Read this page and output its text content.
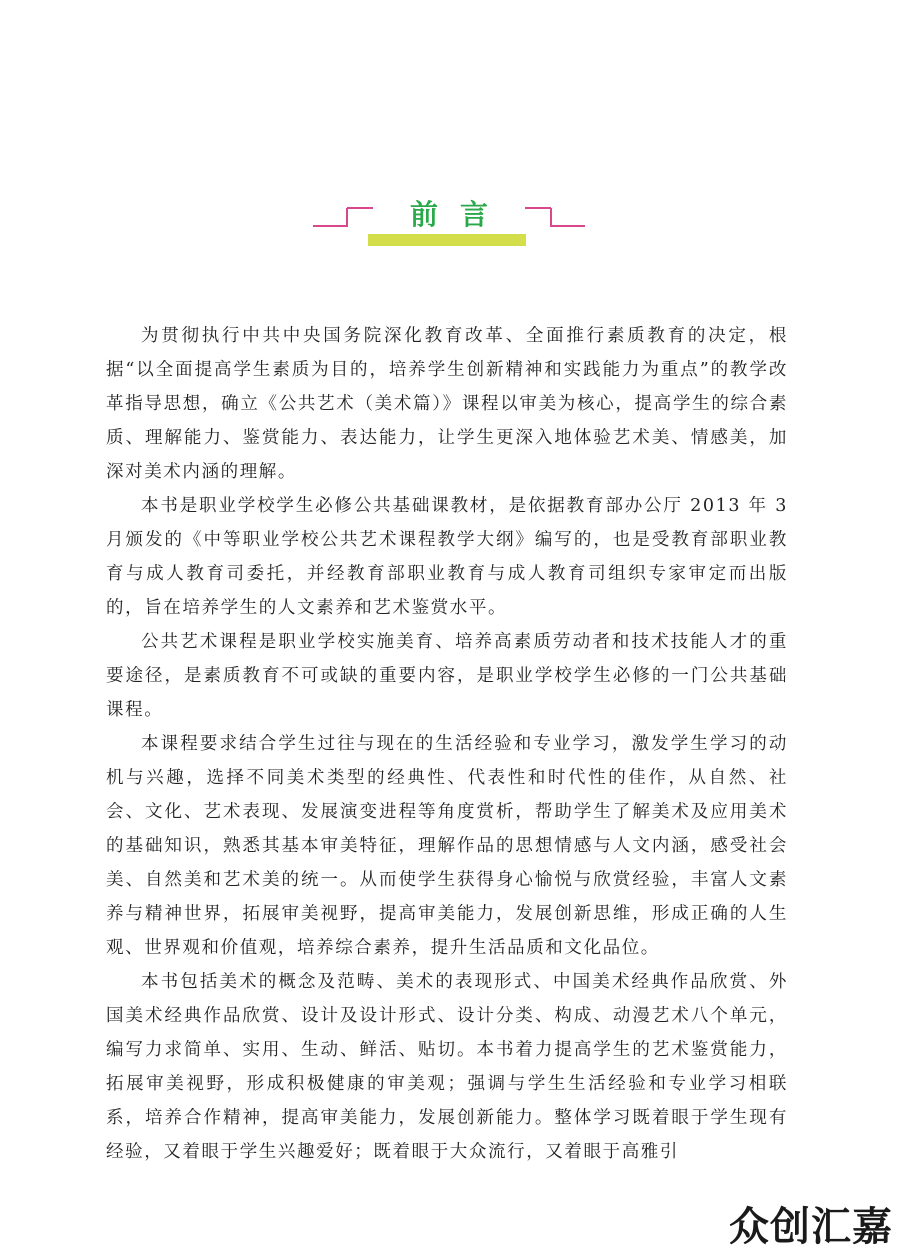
前言

为贯彻执行中共中央国务院深化教育改革、全面推行素质教育的决定，根据“以全面提高学生素质为目的，培养学生创新精神和实践能力为重点”的教学改革指导思想，确立《公共艺术（美术篇）》课程以审美为核心，提高学生的综合素质、理解能力、鉴赏能力、表达能力，让学生更深入地体验艺术美、情感美，加深对美术内涵的理解。

本书是职业学校学生必修公共基础课教材，是依据教育部办公厅 2013 年 3 月颁发的《中等职业学校公共艺术课程教学大纲》编写的，也是受教育部职业教育与成人教育司委托，并经教育部职业教育与成人教育司组织专家审定而出版的，旨在培养学生的人文素养和艺术鉴赏水平。

公共艺术课程是职业学校实施美育、培养高素质劳动者和技术技能人才的重要途径，是素质教育不可或缺的重要内容，是职业学校学生必修的一门公共基础课程。

本课程要求结合学生过往与现在的生活经验和专业学习，激发学生学习的动机与兴趣，选择不同美术类型的经典性、代表性和时代性的佳作，从自然、社会、文化、艺术表现、发展演变进程等角度赏析，帮助学生了解美术及应用美术的基础知识，熟悉其基本审美特征，理解作品的思想情感与人文内涵，感受社会美、自然美和艺术美的统一。从而使学生获得身心愉悦与欣赏经验，丰富人文素养与精神世界，拓展审美视野，提高审美能力，发展创新思维，形成正确的人生观、世界观和价值观，培养综合素养，提升生活品质和文化品位。

本书包括美术的概念及范畴、美术的表现形式、中国美术经典作品欣赏、外国美术经典作品欣赏、设计及设计形式、设计分类、构成、动漫艺术八个单元，编写力求简单、实用、生动、鲜活、贴切。本书着力提高学生的艺术鉴赏能力，拓展审美视野，形成积极健康的审美观；强调与学生生活经验和专业学习相联系，培养合作精神，提高审美能力，发展创新能力。整体学习既着眼于学生现有经验，又着眼于学生兴趣爱好；既着眼于大众流行，又着眼于高雅引

众创汇嘉
